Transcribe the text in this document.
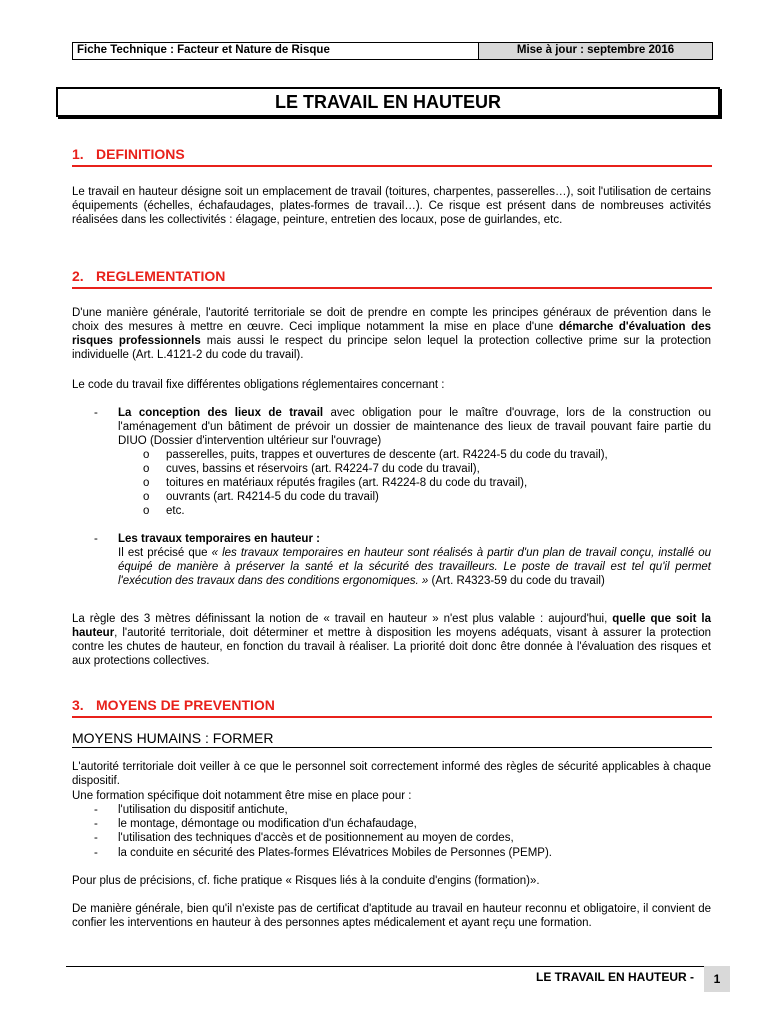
Fiche Technique : Facteur et Nature de Risque	Mise à jour : septembre 2016
LE TRAVAIL EN HAUTEUR
1. DEFINITIONS
Le travail en hauteur désigne soit un emplacement de travail (toitures, charpentes, passerelles…), soit l'utilisation de certains équipements (échelles, échafaudages, plates-formes de travail…). Ce risque est présent dans de nombreuses activités réalisées dans les collectivités : élagage, peinture, entretien des locaux, pose de guirlandes, etc.
2. REGLEMENTATION
D'une manière générale, l'autorité territoriale se doit de prendre en compte les principes généraux de prévention dans le choix des mesures à mettre en œuvre. Ceci implique notamment la mise en place d'une démarche d'évaluation des risques professionnels mais aussi le respect du principe selon lequel la protection collective prime sur la protection individuelle (Art. L.4121-2 du code du travail).
Le code du travail fixe différentes obligations réglementaires concernant :
- La conception des lieux de travail avec obligation pour le maître d'ouvrage, lors de la construction ou l'aménagement d'un bâtiment de prévoir un dossier de maintenance des lieux de travail pouvant faire partie du DIUO (Dossier d'intervention ultérieur sur l'ouvrage)
o passerelles, puits, trappes et ouvertures de descente (art. R4224-5 du code du travail),
o cuves, bassins et réservoirs (art. R4224-7 du code du travail),
o toitures en matériaux réputés fragiles (art. R4224-8 du code du travail),
o ouvrants (art. R4214-5 du code du travail)
o etc.
- Les travaux temporaires en hauteur :
Il est précisé que « les travaux temporaires en hauteur sont réalisés à partir d'un plan de travail conçu, installé ou équipé de manière à préserver la santé et la sécurité des travailleurs. Le poste de travail est tel qu'il permet l'exécution des travaux dans des conditions ergonomiques. » (Art. R4323-59 du code du travail)
La règle des 3 mètres définissant la notion de « travail en hauteur » n'est plus valable : aujourd'hui, quelle que soit la hauteur, l'autorité territoriale, doit déterminer et mettre à disposition les moyens adéquats, visant à assurer la protection contre les chutes de hauteur, en fonction du travail à réaliser. La priorité doit donc être donnée à l'évaluation des risques et aux protections collectives.
3. MOYENS DE PREVENTION
MOYENS HUMAINS : FORMER
L'autorité territoriale doit veiller à ce que le personnel soit correctement informé des règles de sécurité applicables à chaque dispositif.
Une formation spécifique doit notamment être mise en place pour :
- l'utilisation du dispositif antichute,
- le montage, démontage ou modification d'un échafaudage,
- l'utilisation des techniques d'accès et de positionnement au moyen de cordes,
- la conduite en sécurité des Plates-formes Elévatrices Mobiles de Personnes (PEMP).
Pour plus de précisions, cf. fiche pratique « Risques liés à la conduite d'engins (formation)».
De manière générale, bien qu'il n'existe pas de certificat d'aptitude au travail en hauteur reconnu et obligatoire, il convient de confier les interventions en hauteur à des personnes aptes médicalement et ayant reçu une formation.
LE TRAVAIL EN HAUTEUR -	1
